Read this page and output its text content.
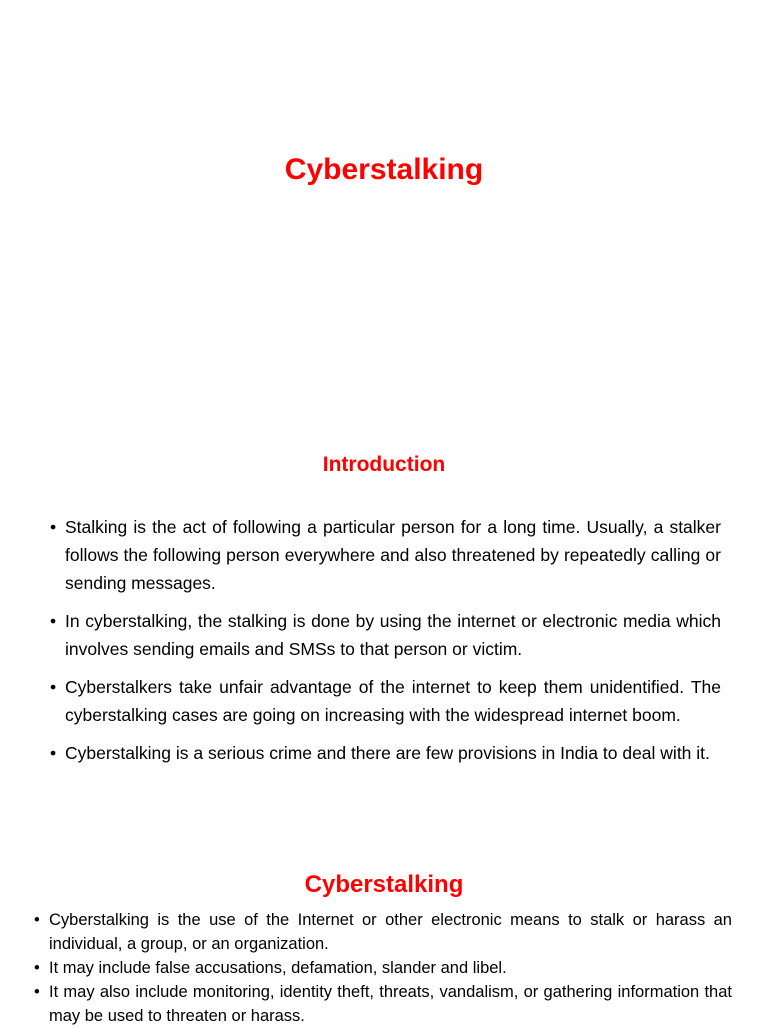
Cyberstalking
Introduction
• Stalking is the act of following a particular person for a long time. Usually, a stalker follows the following person everywhere and also threatened by repeatedly calling or sending messages.
• In cyberstalking, the stalking is done by using the internet or electronic media which involves sending emails and SMSs to that person or victim.
• Cyberstalkers take unfair advantage of the internet to keep them unidentified. The cyberstalking cases are going on increasing with the widespread internet boom.
• Cyberstalking is a serious crime and there are few provisions in India to deal with it.
Cyberstalking
• Cyberstalking is the use of the Internet or other electronic means to stalk or harass an individual, a group, or an organization.
• It may include false accusations, defamation, slander and libel.
• It may also include monitoring, identity theft, threats, vandalism, or gathering information that may be used to threaten or harass.
